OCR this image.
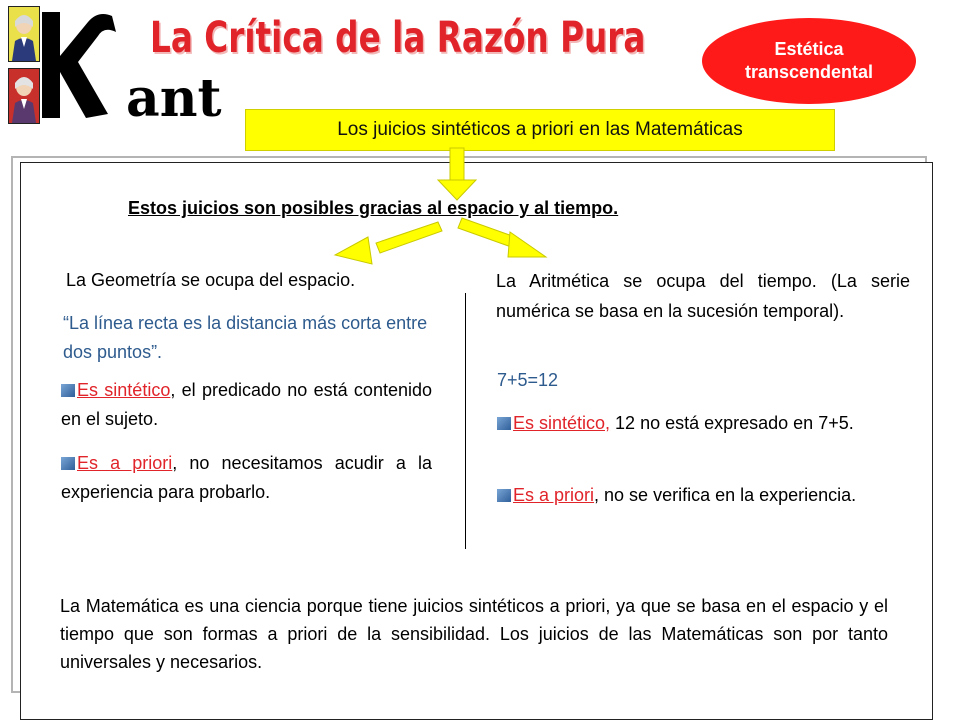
ant
La Crítica de la Razón Pura	Estética
transcendental
Los juicios sintéticos a priori en las Matemáticas
Estos juicios son posibles gracias al espacio y al tiempo.
La Geometría se ocupa del espacio.
“La línea recta es la distancia más corta entre dos puntos”.

Es sintético, el predicado no está contenido en el sujeto.

Es a priori, no necesitamos acudir a la experiencia para probarlo.

La Aritmética se ocupa del tiempo. (La serie numérica se basa en la sucesión temporal).
7+5=12

Es sintético, 12 no está expresado en 7+5.

Es a priori, no se verifica en la experiencia.

La Matemática es una ciencia porque tiene juicios sintéticos a priori, ya que se basa en el espacio y el tiempo que son formas a priori de la sensibilidad. Los juicios de las Matemáticas son por tanto universales y necesarios.
